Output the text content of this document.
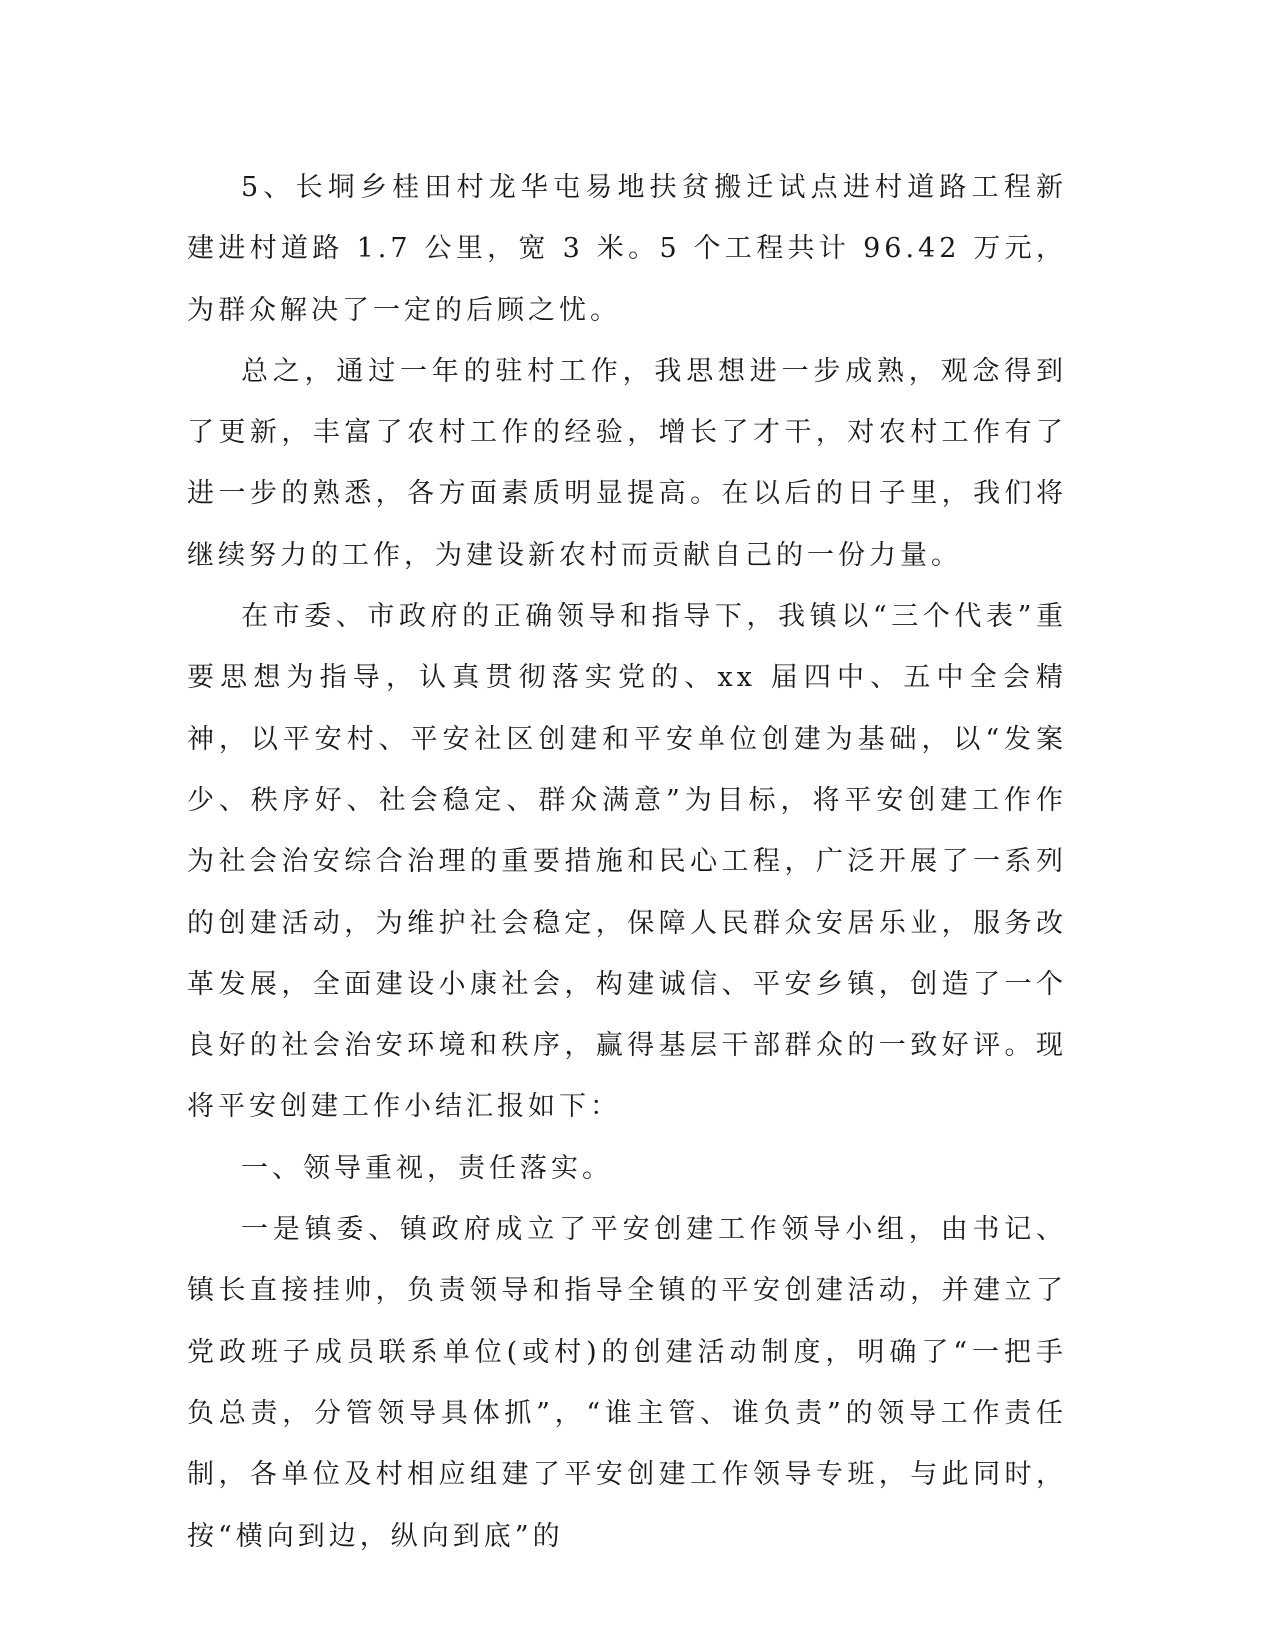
5、长垌乡桂田村龙华屯易地扶贫搬迁试点进村道路工程新建进村道路 1.7 公里，宽 3 米。5 个工程共计 96.42 万元，为群众解决了一定的后顾之忧。

总之，通过一年的驻村工作，我思想进一步成熟，观念得到了更新，丰富了农村工作的经验，增长了才干，对农村工作有了进一步的熟悉，各方面素质明显提高。在以后的日子里，我们将继续努力的工作，为建设新农村而贡献自己的一份力量。

在市委、市政府的正确领导和指导下，我镇以“三个代表”重要思想为指导，认真贯彻落实党的、xx 届四中、五中全会精神，以平安村、平安社区创建和平安单位创建为基础，以“发案少、秩序好、社会稳定、群众满意”为目标，将平安创建工作作为社会治安综合治理的重要措施和民心工程，广泛开展了一系列的创建活动，为维护社会稳定，保障人民群众安居乐业，服务改革发展，全面建设小康社会，构建诚信、平安乡镇，创造了一个良好的社会治安环境和秩序，赢得基层干部群众的一致好评。现将平安创建工作小结汇报如下：

一、领导重视，责任落实。

一是镇委、镇政府成立了平安创建工作领导小组，由书记、镇长直接挂帅，负责领导和指导全镇的平安创建活动，并建立了党政班子成员联系单位(或村)的创建活动制度，明确了“一把手负总责，分管领导具体抓”，“谁主管、谁负责”的领导工作责任制，各单位及村相应组建了平安创建工作领导专班，与此同时，按“横向到边，纵向到底”的
